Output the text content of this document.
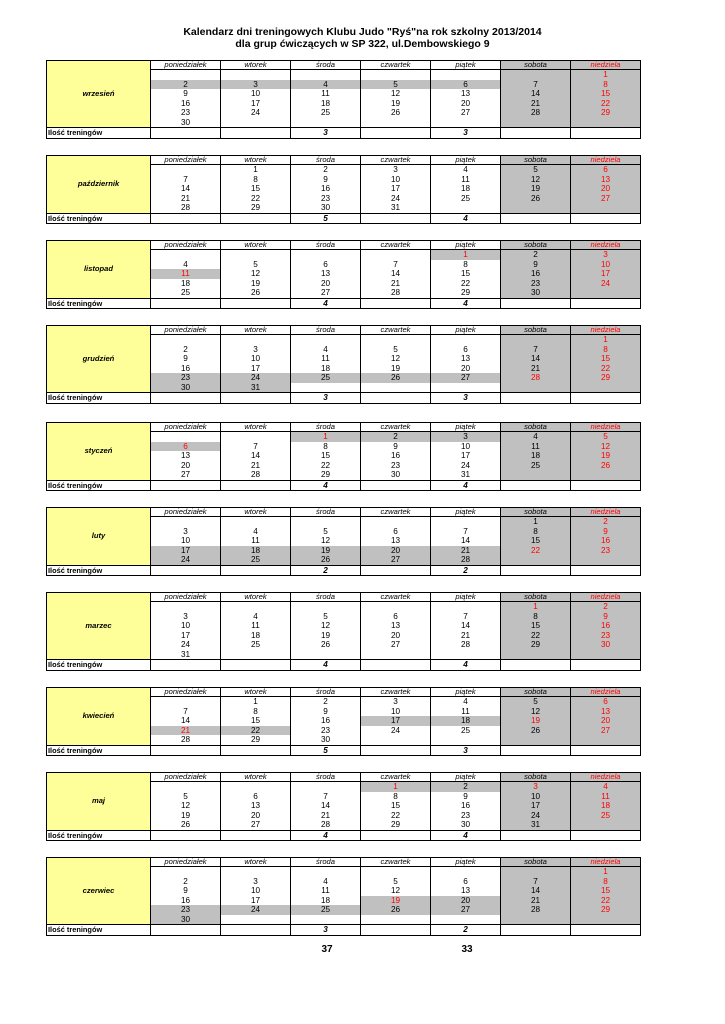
Kalendarz dni treningowych Klubu Judo "Ryś"na rok szkolny 2013/2014
dla grup ćwiczących w SP 322, ul.Dembowskiego 9
wrzesień	poniedziałek	wtorek	środa	czwartek	piątek	sobota	niedziela
							1
	2	3	4	5	6	7	8
	9	10	11	12	13	14	15
	16	17	18	19	20	21	22
	23	24	25	26	27	28	29
	30						
Ilość treningów			3		3		
październik	poniedziałek	wtorek	środa	czwartek	piątek	sobota	niedziela
		1	2	3	4	5	6
	7	8	9	10	11	12	13
	14	15	16	17	18	19	20
	21	22	23	24	25	26	27
	28	29	30	31			
Ilość treningów			5		4		
listopad	poniedziałek	wtorek	środa	czwartek	piątek	sobota	niedziela
					1	2	3
	4	5	6	7	8	9	10
	11	12	13	14	15	16	17
	18	19	20	21	22	23	24
	25	26	27	28	29	30	
Ilość treningów			4		4		
grudzień	poniedziałek	wtorek	środa	czwartek	piątek	sobota	niedziela
							1
	2	3	4	5	6	7	8
	9	10	11	12	13	14	15
	16	17	18	19	20	21	22
	23	24	25	26	27	28	29
	30	31					
Ilość treningów			3		3		
styczeń	poniedziałek	wtorek	środa	czwartek	piątek	sobota	niedziela
			1	2	3	4	5
	6	7	8	9	10	11	12
	13	14	15	16	17	18	19
	20	21	22	23	24	25	26
	27	28	29	30	31		
Ilość treningów			4		4		
luty	poniedziałek	wtorek	środa	czwartek	piątek	sobota	niedziela
						1	2
	3	4	5	6	7	8	9
	10	11	12	13	14	15	16
	17	18	19	20	21	22	23
	24	25	26	27	28		
Ilość treningów			2		2		
marzec	poniedziałek	wtorek	środa	czwartek	piątek	sobota	niedziela
						1	2
	3	4	5	6	7	8	9
	10	11	12	13	14	15	16
	17	18	19	20	21	22	23
	24	25	26	27	28	29	30
	31						
Ilość treningów			4		4		
kwiecień	poniedziałek	wtorek	środa	czwartek	piątek	sobota	niedziela
		1	2	3	4	5	6
	7	8	9	10	11	12	13
	14	15	16	17	18	19	20
	21	22	23	24	25	26	27
	28	29	30				
Ilość treningów			5		3		
maj	poniedziałek	wtorek	środa	czwartek	piątek	sobota	niedziela
				1	2	3	4
	5	6	7	8	9	10	11
	12	13	14	15	16	17	18
	19	20	21	22	23	24	25
	26	27	28	29	30	31	
Ilość treningów			4		4		
czerwiec	poniedziałek	wtorek	środa	czwartek	piątek	sobota	niedziela
							1
	2	3	4	5	6	7	8
	9	10	11	12	13	14	15
	16	17	18	19	20	21	22
	23	24	25	26	27	28	29
	30						
Ilość treningów			3		2		
37	33
